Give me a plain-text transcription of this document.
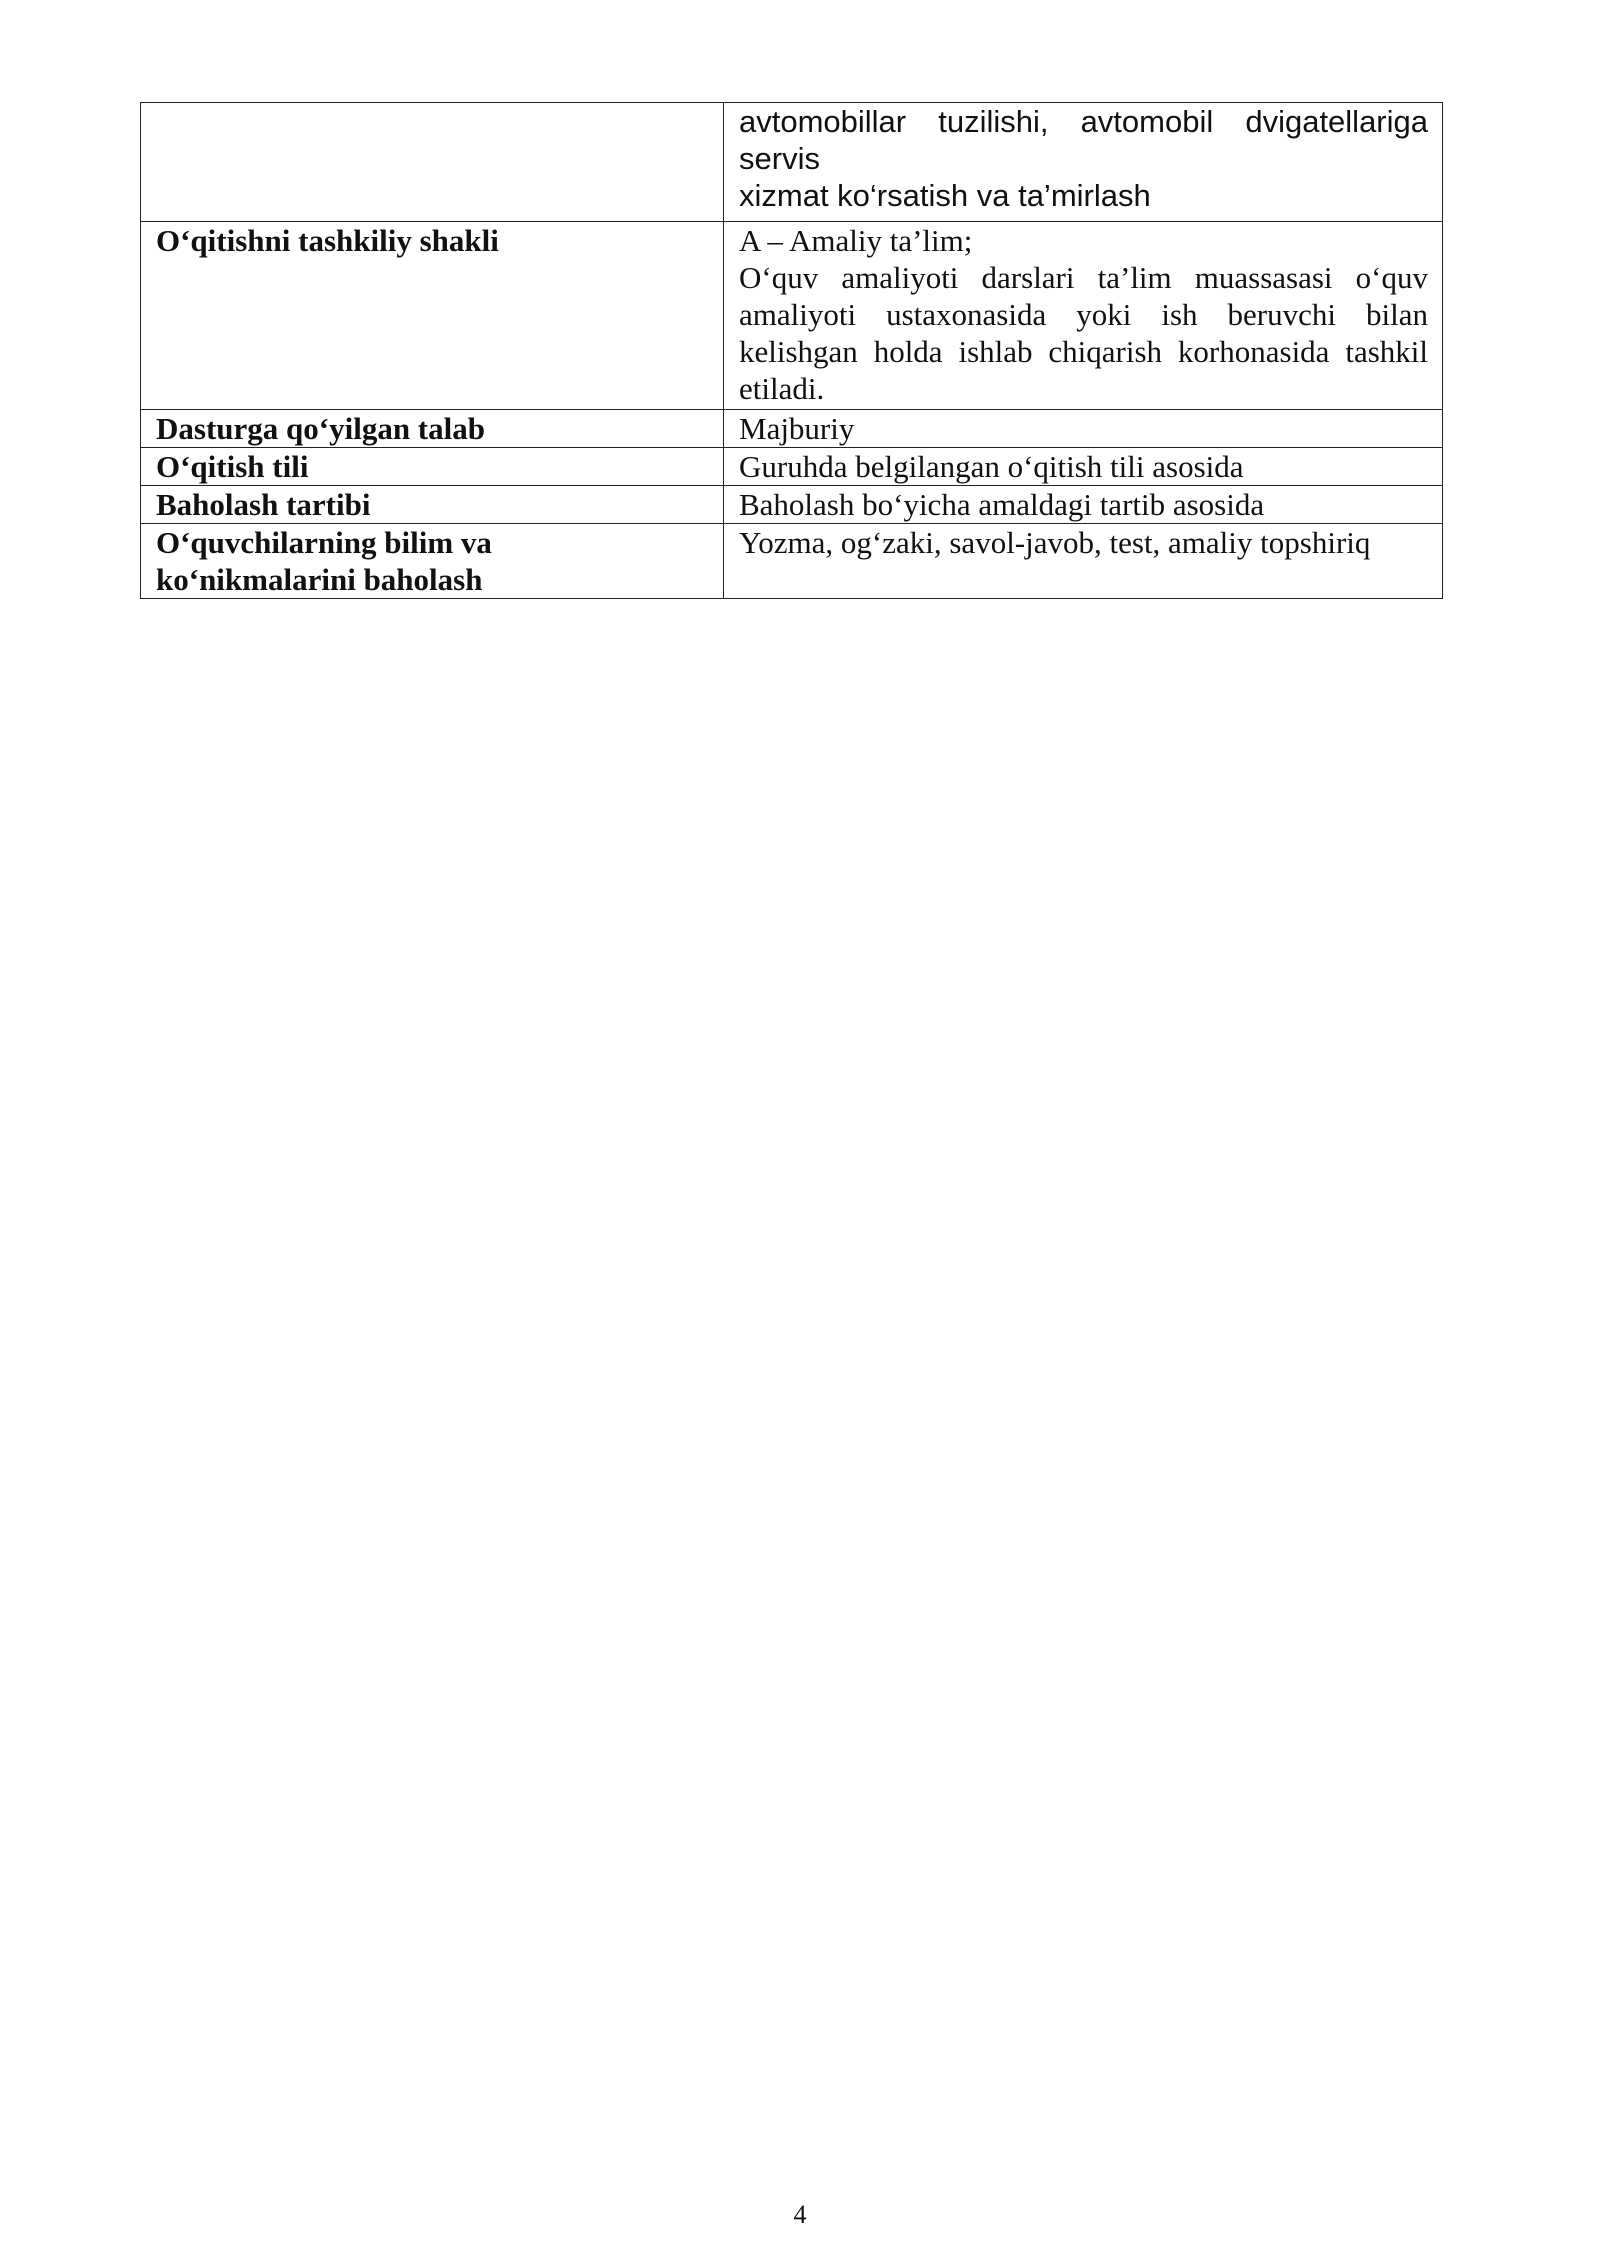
	avtomobillar tuzilishi, avtomobil dvigatellariga servis
xizmat ko‘rsatish va ta’mirlash

O‘qitishni tashkiliy shakli	A – Amaliy ta’lim;
O‘quv amaliyoti darslari ta’lim muassasasi o‘quv amaliyoti ustaxonasida yoki ish beruvchi bilan kelishgan holda ishlab chiqarish korhonasida tashkil etiladi.

Dasturga qo‘yilgan talab	Majburiy
O‘qitish tili	Guruhda belgilangan o‘qitish tili asosida
Baholash tartibi	Baholash bo‘yicha amaldagi tartib asosida

O‘quvchilarning bilim va
ko‘nikmalarini baholash	Yozma, og‘zaki, savol-javob, test, amaliy topshiriq
4
